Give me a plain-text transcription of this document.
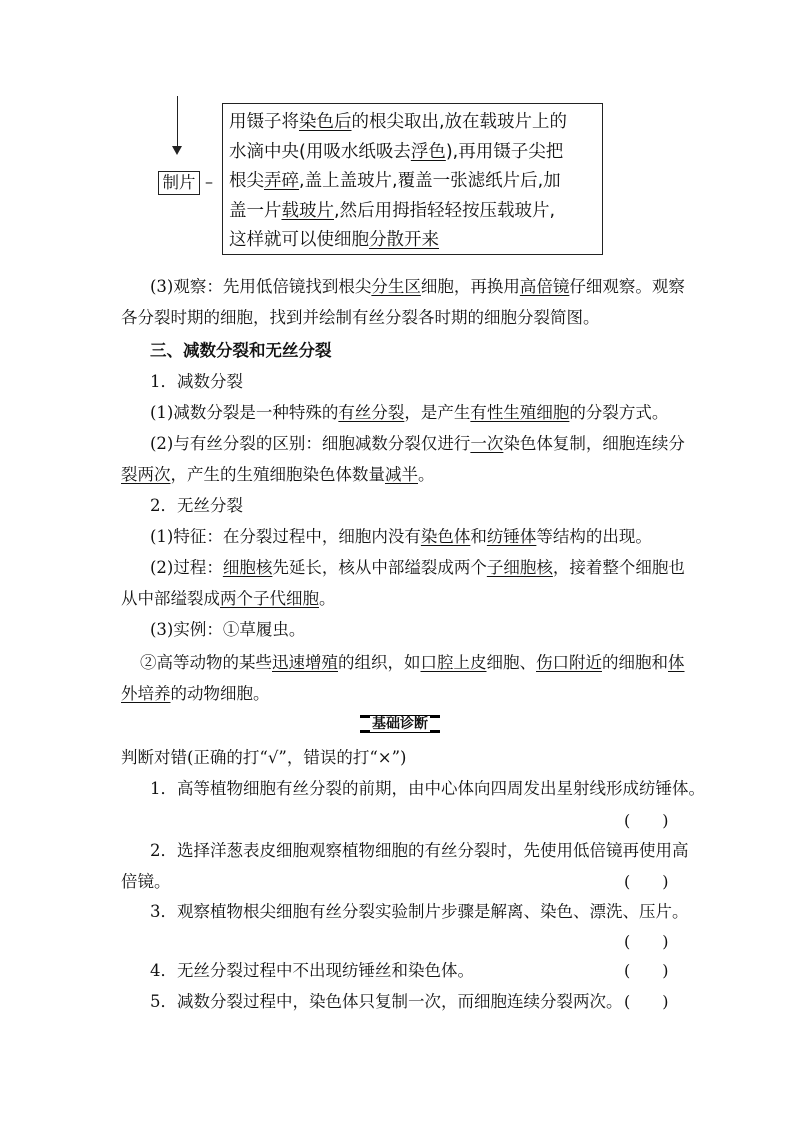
制片 –
用镊子将染色后的根尖取出,放在载玻片上的
水滴中央(用吸水纸吸去浮色),再用镊子尖把
根尖弄碎,盖上盖玻片,覆盖一张滤纸片后,加
盖一片载玻片,然后用拇指轻轻按压载玻片,
这样就可以使细胞分散开来
(3)观察：先用低倍镜找到根尖分生区细胞，再换用高倍镜仔细观察。观察
各分裂时期的细胞，找到并绘制有丝分裂各时期的细胞分裂简图。
三、减数分裂和无丝分裂
1．减数分裂
(1)减数分裂是一种特殊的有丝分裂，是产生有性生殖细胞的分裂方式。
(2)与有丝分裂的区别：细胞减数分裂仅进行一次染色体复制，细胞连续分
裂两次，产生的生殖细胞染色体数量减半。
2．无丝分裂
(1)特征：在分裂过程中，细胞内没有染色体和纺锤体等结构的出现。
(2)过程：细胞核先延长，核从中部缢裂成两个子细胞核，接着整个细胞也
从中部缢裂成两个子代细胞。
(3)实例：①草履虫。
②高等动物的某些迅速增殖的组织，如口腔上皮细胞、伤口附近的细胞和体
外培养的动物细胞。
基础诊断
判断对错(正确的打“√”，错误的打“×”)
1．高等植物细胞有丝分裂的前期，由中心体向四周发出星射线形成纺锤体。
(　　)
2．选择洋葱表皮细胞观察植物细胞的有丝分裂时，先使用低倍镜再使用高
倍镜。	(　　)
3．观察植物根尖细胞有丝分裂实验制片步骤是解离、染色、漂洗、压片。
(　　)
4．无丝分裂过程中不出现纺锤丝和染色体。	(　　)
5．减数分裂过程中，染色体只复制一次，而细胞连续分裂两次。 (　　)
